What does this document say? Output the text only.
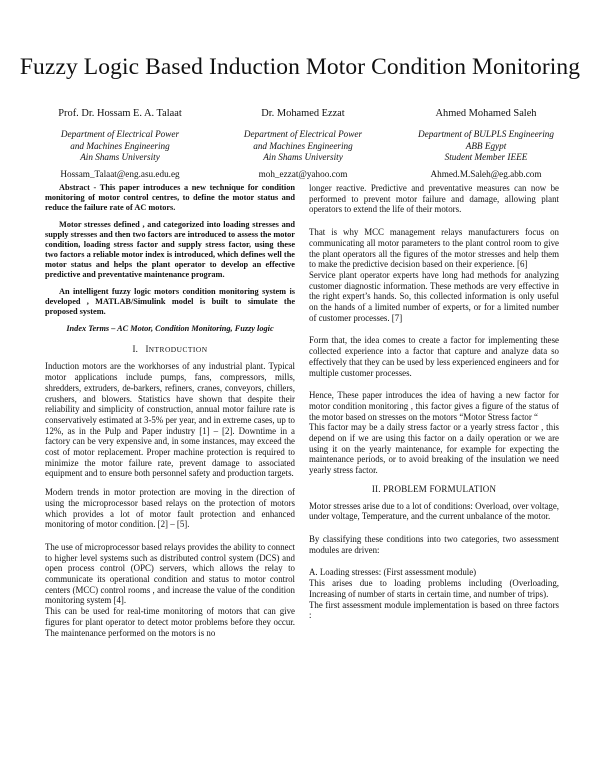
Fuzzy Logic Based Induction Motor Condition Monitoring
Prof. Dr. Hossam E. A. Talaat
Department of Electrical Power
and Machines Engineering
Ain Shams University
Hossam_Talaat@eng.asu.edu.eg
Dr. Mohamed Ezzat
Department of Electrical Power
and Machines Engineering
Ain Shams University
moh_ezzat@yahoo.com
Ahmed Mohamed Saleh
Department of BULPLS Engineering
ABB Egypt
Student Member IEEE
Ahmed.M.Saleh@eg.abb.com

Abstract - This paper introduces a new technique for condition monitoring of motor control centres, to define the motor status and reduce the failure rate of AC motors.

Motor stresses defined , and categorized into loading stresses and supply stresses and then two factors are introduced to assess the motor condition, loading stress factor and supply stress factor, using these two factors a reliable motor index is introduced, which defines well the motor status and helps the plant operator to develop an effective predictive and preventative maintenance program.

An intelligent fuzzy logic motors condition monitoring system is developed , MATLAB/Simulink model is built to simulate the proposed system.

Index Terms – AC Motor, Condition Monitoring, Fuzzy logic

I. INTRODUCTION

Induction motors are the workhorses of any industrial plant. Typical motor applications include pumps, fans, compressors, mills, shredders, extruders, de-barkers, refiners, cranes, conveyors, chillers, crushers, and blowers. Statistics have shown that despite their reliability and simplicity of construction, annual motor failure rate is conservatively estimated at 3-5% per year, and in extreme cases, up to 12%, as in the Pulp and Paper industry [1] – [2]. Downtime in a factory can be very expensive and, in some instances, may exceed the cost of motor replacement. Proper machine protection is required to minimize the motor failure rate, prevent damage to associated equipment and to ensure both personnel safety and production targets.

Modern trends in motor protection are moving in the direction of using the microprocessor based relays on the protection of motors which provides a lot of motor fault protection and enhanced monitoring of motor condition. [2] – [5].

The use of microprocessor based relays provides the ability to connect to higher level systems such as distributed control system (DCS) and open process control (OPC) servers, which allows the relay to communicate its operational condition and status to motor control centers (MCC) control rooms , and increase the value of the condition monitoring system [4].

This can be used for real-time monitoring of motors that can give figures for plant operator to detect motor problems before they occur. The maintenance performed on the motors is no

longer reactive. Predictive and preventative measures can now be performed to prevent motor failure and damage, allowing plant operators to extend the life of their motors.

That is why MCC management relays manufacturers focus on communicating all motor parameters to the plant control room to give the plant operators all the figures of the motor stresses and help them to make the predictive decision based on their experience. [6]

Service plant operator experts have long had methods for analyzing customer diagnostic information. These methods are very effective in the right expert’s hands. So, this collected information is only useful on the hands of a limited number of experts, or for a limited number of customer processes. [7]

Form that, the idea comes to create a factor for implementing these collected experience into a factor that capture and analyze data so effectively that they can be used by less experienced engineers and for multiple customer processes.

Hence, These paper introduces the idea of having a new factor for motor condition monitoring , this factor gives a figure of the status of the motor based on stresses on the motors “Motor Stress factor “

This factor may be a daily stress factor or a yearly stress factor , this depend on if we are using this factor on a daily operation or we are using it on the yearly maintenance, for example for expecting the maintenance periods, or to avoid breaking of the insulation we need yearly stress factor.

II. PROBLEM FORMULATION

Motor stresses arise due to a lot of conditions: Overload, over voltage, under voltage, Temperature, and the current unbalance of the motor.

By classifying these conditions into two categories, two assessment modules are driven:

A. Loading stresses: (First assessment module)

This arises due to loading problems including (Overloading, Increasing of number of starts in certain time, and number of trips).

The first assessment module implementation is based on three factors :
